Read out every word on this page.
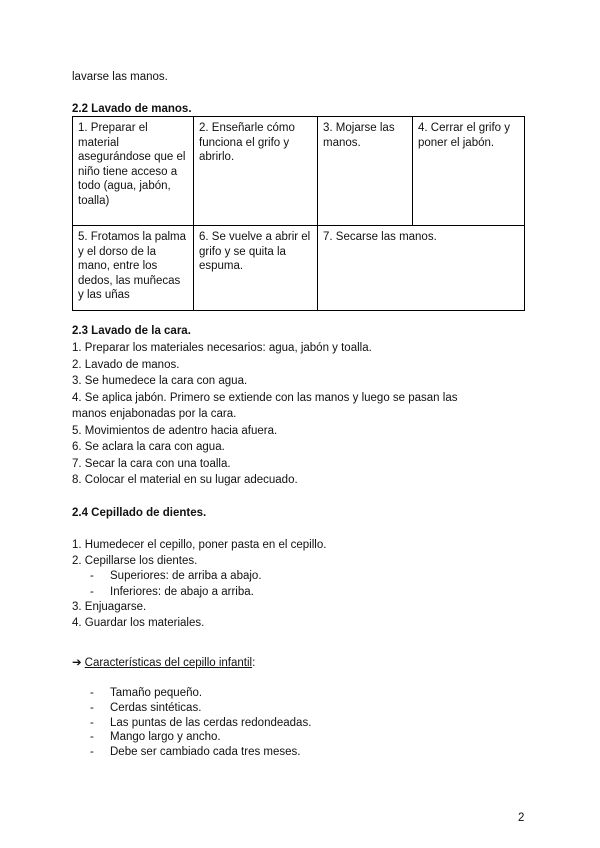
lavarse las manos.
2.2 Lavado de manos.
1. Preparar el material asegurándose que el niño tiene acceso a todo (agua, jabón, toalla)	2. Enseñarle cómo funciona el grifo y abrirlo.	3. Mojarse las manos.	4. Cerrar el grifo y poner el jabón.
5. Frotamos la palma y el dorso de la mano, entre los dedos, las muñecas y las uñas	6. Se vuelve a abrir el grifo y se quita la espuma.	7. Secarse las manos.	
2.3 Lavado de la cara.
1. Preparar los materiales necesarios: agua, jabón y toalla.
2. Lavado de manos.
3. Se humedece la cara con agua.
4. Se aplica jabón. Primero se extiende con las manos y luego se pasan las
manos enjabonadas por la cara.
5. Movimientos de adentro hacia afuera.
6. Se aclara la cara con agua.
7. Secar la cara con una toalla.
8. Colocar el material en su lugar adecuado.
2.4 Cepillado de dientes.
1. Humedecer el cepillo, poner pasta en el cepillo.
2. Cepillarse los dientes.
- Superiores: de arriba a abajo.
- Inferiores: de abajo a arriba.
3. Enjuagarse.
4. Guardar los materiales.
➔ Características del cepillo infantil:
- Tamaño pequeño.
- Cerdas sintéticas.
- Las puntas de las cerdas redondeadas.
- Mango largo y ancho.
- Debe ser cambiado cada tres meses.
2
